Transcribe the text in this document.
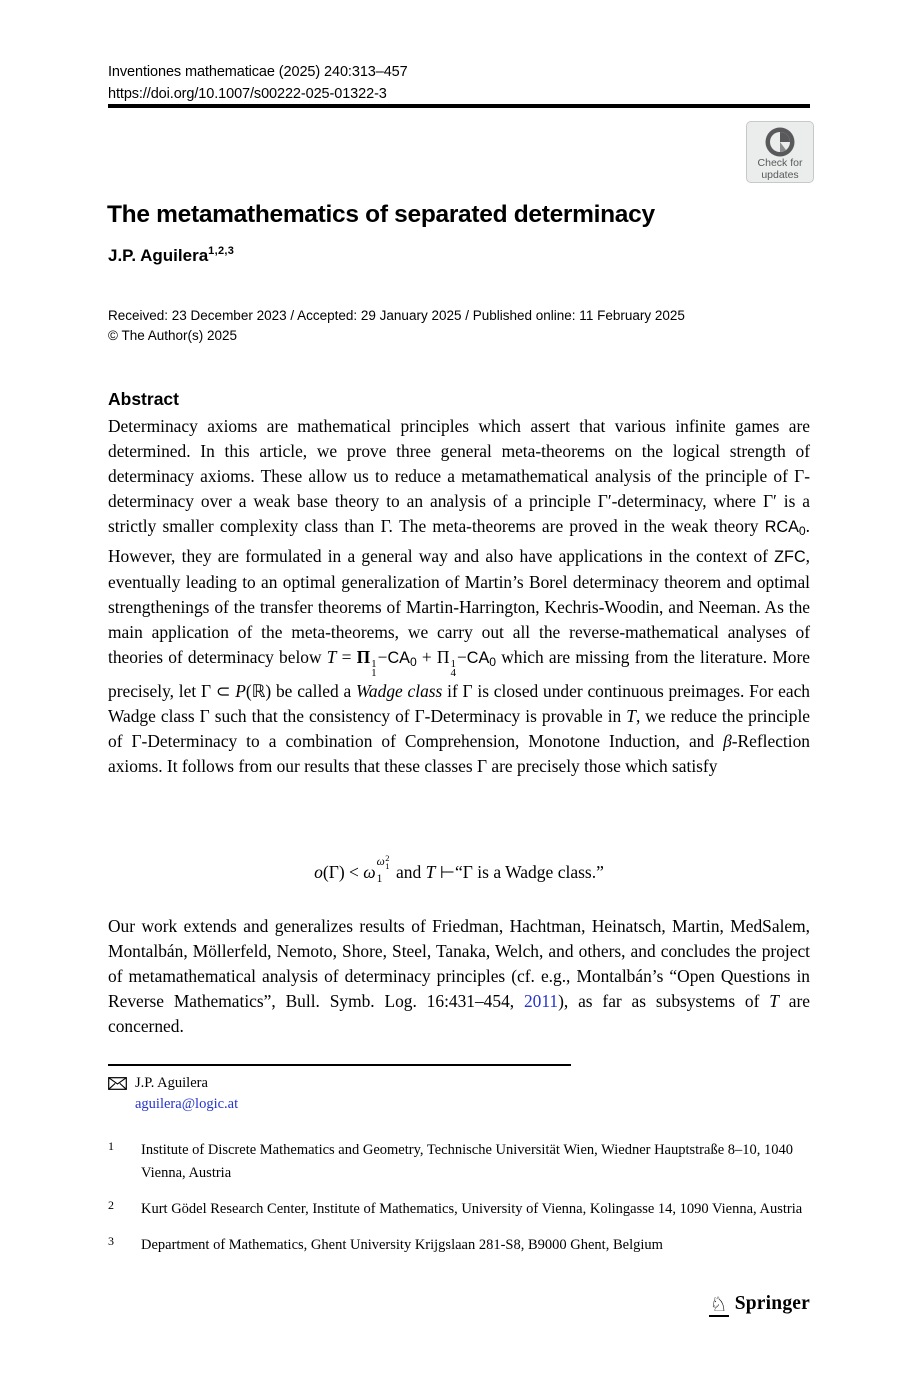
Inventiones mathematicae (2025) 240:313–457
https://doi.org/10.1007/s00222-025-01322-3
Check for
updates
The metamathematics of separated determinacy
J.P. Aguilera$^{1,2,3}$
Received: 23 December 2023 / Accepted: 29 January 2025 / Published online: 11 February 2025
© The Author(s) 2025
Abstract

Determinacy axioms are mathematical principles which assert that various infinite games are determined. In this article, we prove three general meta-theorems on the logical strength of determinacy axioms. These allow us to reduce a metamathematical analysis of the principle of Γ-determinacy over a weak base theory to an analysis of a principle Γ′-determinacy, where Γ′ is a strictly smaller complexity class than Γ. The meta-theorems are proved in the weak theory $RCA_0$. However, they are formulated in a general way and also have applications in the context of ZFC, eventually leading to an optimal generalization of Martin’s Borel determinacy theorem and optimal strengthenings of the transfer theorems of Martin-Harrington, Kechris-Woodin, and Neeman. As the main application of the meta-theorems, we carry out all the reverse-mathematical analyses of theories of determinacy below T = Π 1
1
$-CA_0 + \Pi$ 1
4
$-CA_0$ which are missing from the literature. More precisely, let Γ ⊂ P(ℝ) be called a Wadge class if Γ is closed under continuous preimages. For each Wadge class Γ such that the consistency of Γ-Determinacy is provable in T, we reduce the principle of Γ-Determinacy to a combination of Comprehension, Monotone Induction, and β-Reflection axioms. It follows from our results that these classes Γ are precisely those which satisfy

o(Γ) < ω ω 2
1
1 and T ⊢“Γ is a Wadge class.”

Our work extends and generalizes results of Friedman, Hachtman, Heinatsch, Martin, MedSalem, Montalbán, Möllerfeld, Nemoto, Shore, Steel, Tanaka, Welch, and others, and concludes the project of metamathematical analysis of determinacy principles (cf. e.g., Montalbán’s “Open Questions in Reverse Mathematics”, Bull. Symb. Log. 16:431–454, 2011), as far as subsystems of T are concerned.

J.P. Aguilera
aguilera@logic.at
1 Institute of Discrete Mathematics and Geometry, Technische Universität Wien, Wiedner Hauptstraße 8–10, 1040 Vienna, Austria
2 Kurt Gödel Research Center, Institute of Mathematics, University of Vienna, Kolingasse 14, 1090 Vienna, Austria
3 Department of Mathematics, Ghent University Krijgslaan 281-S8, B9000 Ghent, Belgium
♘ Springer
